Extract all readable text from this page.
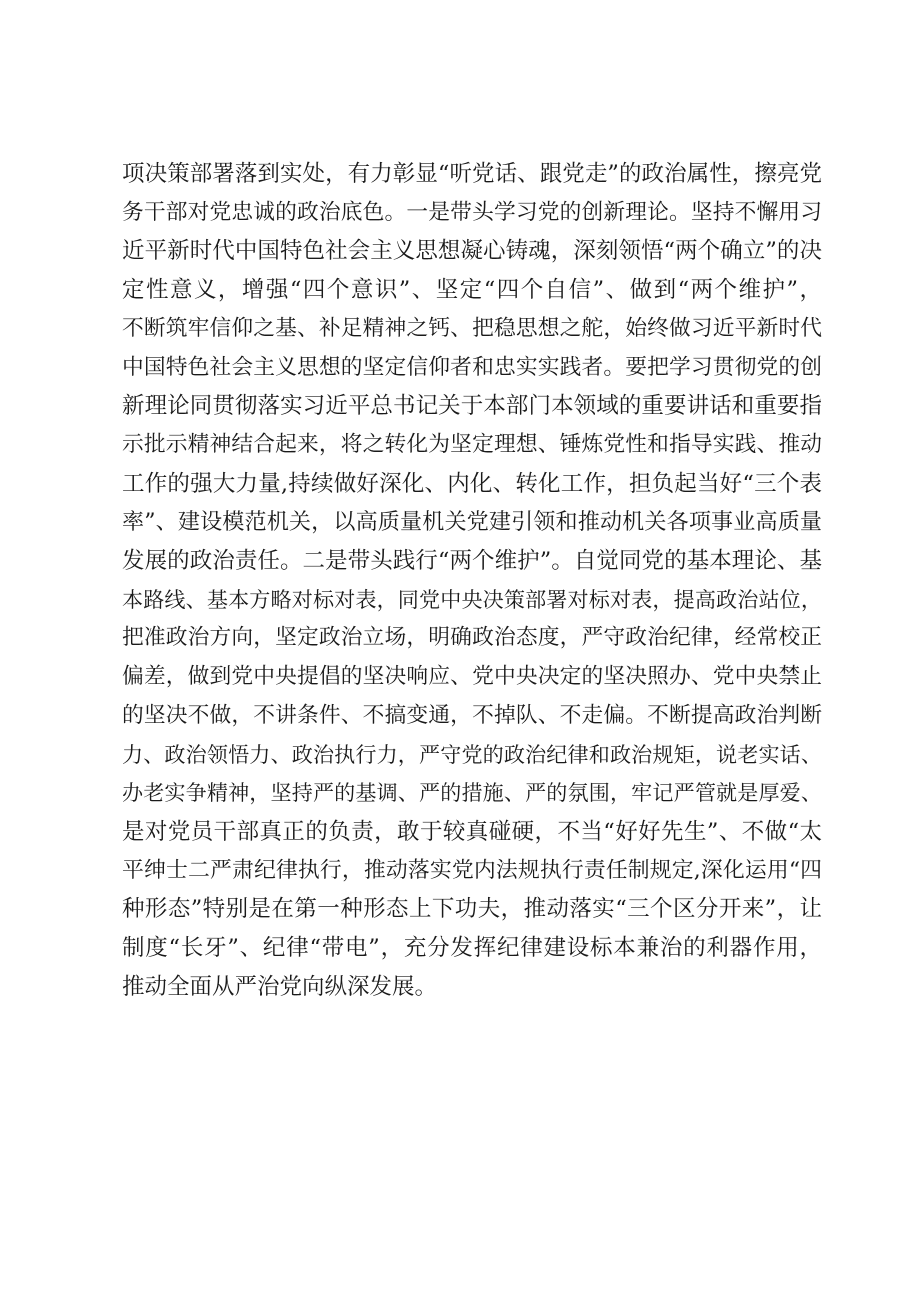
项决策部署落到实处，有力彰显“听党话、跟党走”的政治属性，擦亮党
务干部对党忠诚的政治底色。一是带头学习党的创新理论。坚持不懈用习
近平新时代中国特色社会主义思想凝心铸魂，深刻领悟“两个确立”的决
定性意义，增强“四个意识”、坚定“四个自信”、做到“两个维护”，
不断筑牢信仰之基、补足精神之钙、把稳思想之舵，始终做习近平新时代
中国特色社会主义思想的坚定信仰者和忠实实践者。要把学习贯彻党的创
新理论同贯彻落实习近平总书记关于本部门本领域的重要讲话和重要指
示批示精神结合起来，将之转化为坚定理想、锤炼党性和指导实践、推动
工作的强大力量,持续做好深化、内化、转化工作，担负起当好“三个表
率”、建设模范机关，以高质量机关党建引领和推动机关各项事业高质量
发展的政治责任。二是带头践行“两个维护”。自觉同党的基本理论、基
本路线、基本方略对标对表，同党中央决策部署对标对表，提高政治站位，
把准政治方向，坚定政治立场，明确政治态度，严守政治纪律，经常校正
偏差，做到党中央提倡的坚决响应、党中央决定的坚决照办、党中央禁止
的坚决不做，不讲条件、不搞变通，不掉队、不走偏。不断提高政治判断
力、政治领悟力、政治执行力，严守党的政治纪律和政治规矩，说老实话、
办老实争精神，坚持严的基调、严的措施、严的氛围，牢记严管就是厚爱、
是对党员干部真正的负责，敢于较真碰硬，不当“好好先生”、不做“太
平绅士二严肃纪律执行，推动落实党内法规执行责任制规定,深化运用“四
种形态”特别是在第一种形态上下功夫，推动落实“三个区分开来”，让
制度“长牙”、纪律“带电”，充分发挥纪律建设标本兼治的利器作用，
推动全面从严治党向纵深发展。
